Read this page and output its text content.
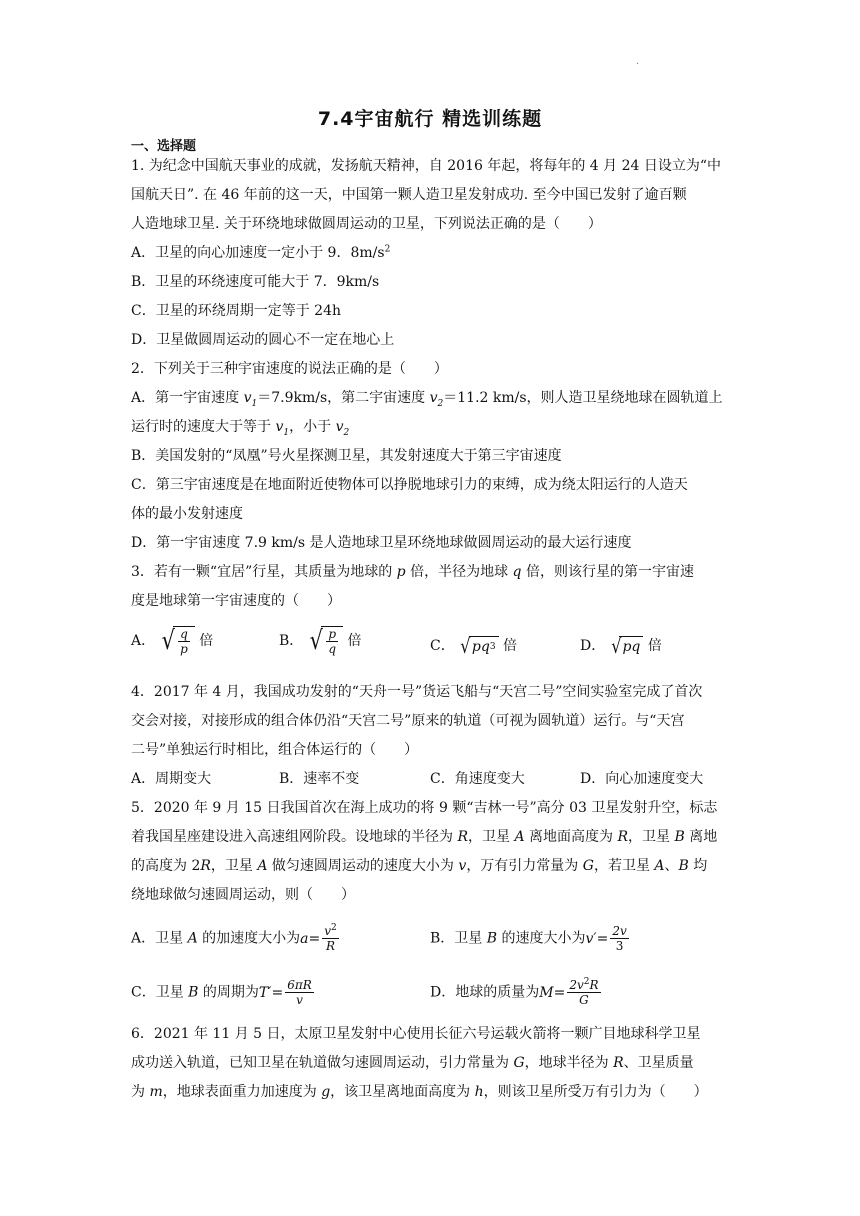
.
7.4宇宙航行 精选训练题
一、选择题
1. 为纪念中国航天事业的成就，发扬航天精神，自 2016 年起，将每年的 4 月 24 日设立为“中
国航天日”. 在 46 年前的这一天，中国第一颗人造卫星发射成功. 至今中国已发射了逾百颗
人造地球卫星. 关于环绕地球做圆周运动的卫星，下列说法正确的是（　　）
A．卫星的向心加速度一定小于 9．$8m/s^2$
B．卫星的环绕速度可能大于 7．9km/s
C．卫星的环绕周期一定等于 24h
D．卫星做圆周运动的圆心不一定在地心上
2．下列关于三种宇宙速度的说法正确的是（　　）
A．第一宇宙速度 $v_1=7.9km/s$，第二宇宙速度 $v_2=11.2$ km/s，则人造卫星绕地球在圆轨道上
运行时的速度大于等于 $v_1$，小于 $v_2$
B．美国发射的“凤凰”号火星探测卫星，其发射速度大于第三宇宙速度
C．第三宇宙速度是在地面附近使物体可以挣脱地球引力的束缚，成为绕太阳运行的人造天
体的最小发射速度
D．第一宇宙速度 7.9 km/s 是人造地球卫星环绕地球做圆周运动的最大运行速度
3．若有一颗“宜居”行星，其质量为地球的 p 倍，半径为地球 q 倍，则该行星的第一宇宙速
度是地球第一宇宙速度的（　　）
A． √ $\frac{q}{p}$ 倍	B． √ $\frac{p}{q}$ 倍	C． √ pq 3 倍	D． √ pq 倍
4．2017 年 4 月，我国成功发射的“天舟一号”货运飞船与“天宫二号”空间实验室完成了首次
交会对接，对接形成的组合体仍沿“天宫二号”原来的轨道（可视为圆轨道）运行。与“天宫
二号”单独运行时相比，组合体运行的（　　）
A．周期变大	B．速率不变	C．角速度变大	D．向心加速度变大
5．2020 年 9 月 15 日我国首次在海上成功的将 9 颗“吉林一号”高分 03 卫星发射升空，标志
着我国星座建设进入高速组网阶段。设地球的半径为 R，卫星 A 离地面高度为 R，卫星 B 离地
的高度为 2R，卫星 A 做匀速圆周运动的速度大小为 v，万有引力常量为 G，若卫星 A、B 均
绕地球做匀速圆周运动，则（　　）
A．卫星 A 的加速度大小为 $a = \frac{v^2}{R}$	B．卫星 B 的速度大小为 $v' = \frac{2v}{3}$
C．卫星 B 的周期为 $T' = \frac{6\pi R}{v}$	D．地球的质量为 $M = \frac{2v^2R}{G}$
6．2021 年 11 月 5 日，太原卫星发射中心使用长征六号运载火箭将一颗广目地球科学卫星
成功送入轨道，已知卫星在轨道做匀速圆周运动，引力常量为 G，地球半径为 R、卫星质量
为 m，地球表面重力加速度为 g，该卫星离地面高度为 h，则该卫星所受万有引力为（　　）
